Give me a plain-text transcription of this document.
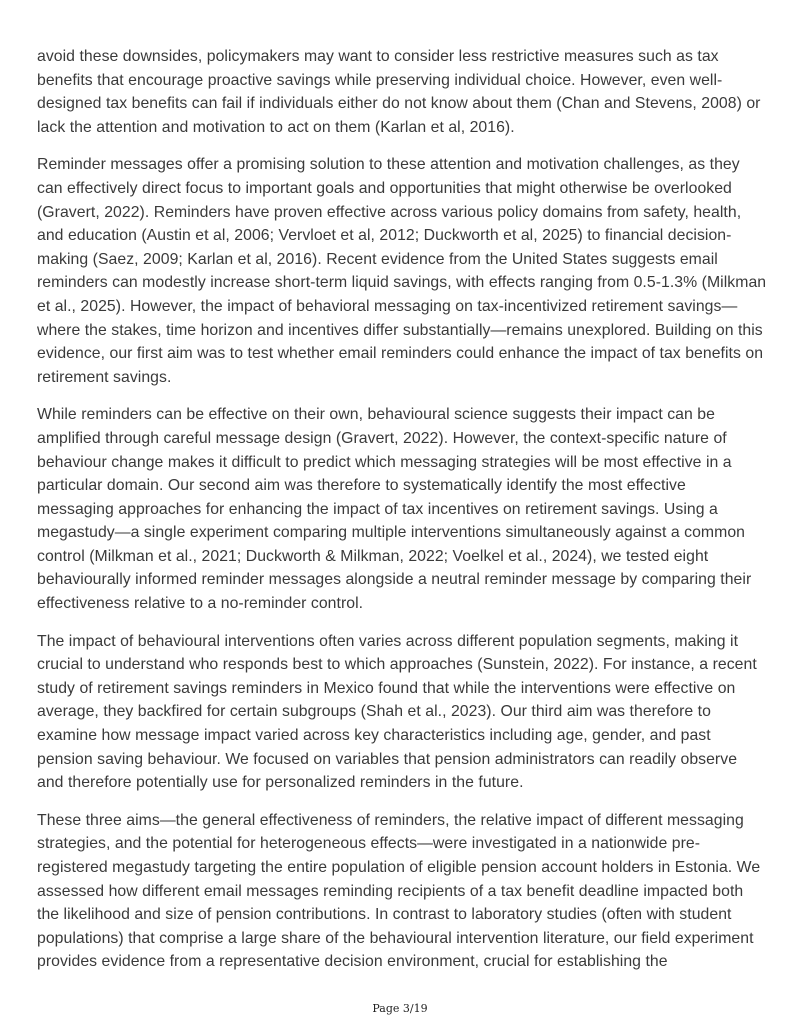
avoid these downsides, policymakers may want to consider less restrictive measures such as tax benefits that encourage proactive savings while preserving individual choice. However, even well-designed tax benefits can fail if individuals either do not know about them (Chan and Stevens, 2008) or lack the attention and motivation to act on them (Karlan et al, 2016).

Reminder messages offer a promising solution to these attention and motivation challenges, as they can effectively direct focus to important goals and opportunities that might otherwise be overlooked (Gravert, 2022). Reminders have proven effective across various policy domains from safety, health, and education (Austin et al, 2006; Vervloet et al, 2012; Duckworth et al, 2025) to financial decision-making (Saez, 2009; Karlan et al, 2016). Recent evidence from the United States suggests email reminders can modestly increase short-term liquid savings, with effects ranging from 0.5-1.3% (Milkman et al., 2025). However, the impact of behavioral messaging on tax-incentivized retirement savings—where the stakes, time horizon and incentives differ substantially—remains unexplored. Building on this evidence, our first aim was to test whether email reminders could enhance the impact of tax benefits on retirement savings.

While reminders can be effective on their own, behavioural science suggests their impact can be amplified through careful message design (Gravert, 2022). However, the context-specific nature of behaviour change makes it difficult to predict which messaging strategies will be most effective in a particular domain. Our second aim was therefore to systematically identify the most effective messaging approaches for enhancing the impact of tax incentives on retirement savings. Using a megastudy—a single experiment comparing multiple interventions simultaneously against a common control (Milkman et al., 2021; Duckworth & Milkman, 2022; Voelkel et al., 2024), we tested eight behaviourally informed reminder messages alongside a neutral reminder message by comparing their effectiveness relative to a no-reminder control.

The impact of behavioural interventions often varies across different population segments, making it crucial to understand who responds best to which approaches (Sunstein, 2022). For instance, a recent study of retirement savings reminders in Mexico found that while the interventions were effective on average, they backfired for certain subgroups (Shah et al., 2023). Our third aim was therefore to examine how message impact varied across key characteristics including age, gender, and past pension saving behaviour. We focused on variables that pension administrators can readily observe and therefore potentially use for personalized reminders in the future.

These three aims—the general effectiveness of reminders, the relative impact of different messaging strategies, and the potential for heterogeneous effects—were investigated in a nationwide pre-registered megastudy targeting the entire population of eligible pension account holders in Estonia. We assessed how different email messages reminding recipients of a tax benefit deadline impacted both the likelihood and size of pension contributions. In contrast to laboratory studies (often with student populations) that comprise a large share of the behavioural intervention literature, our field experiment provides evidence from a representative decision environment, crucial for establishing the

Page 3/19
